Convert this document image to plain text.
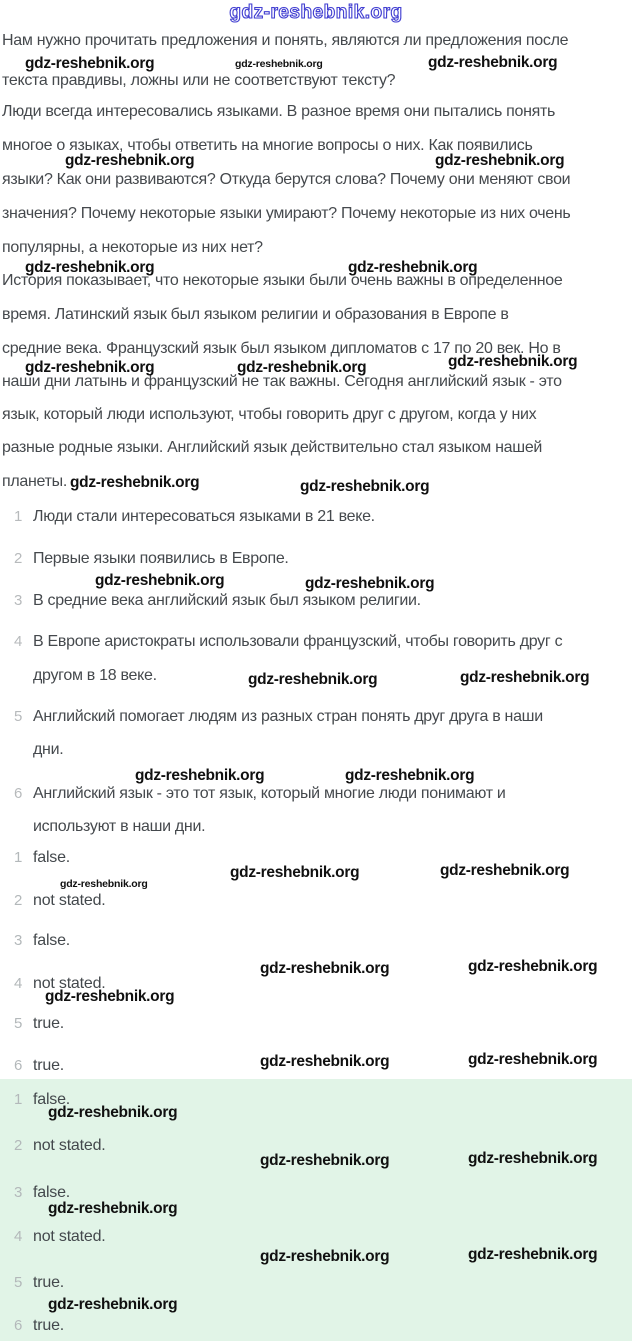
gdz-reshebnik.org
Нам нужно прочитать предложения и понять, являются ли предложения после
текста правдивы, ложны или не соответствуют тексту?
Люди всегда интересовались языками. В разное время они пытались понять
многое о языках, чтобы ответить на многие вопросы о них. Как появились
языки? Как они развиваются? Откуда берутся слова? Почему они меняют свои
значения? Почему некоторые языки умирают? Почему некоторые из них очень
популярны, а некоторые из них нет?
История показывает, что некоторые языки были очень важны в определенное
время. Латинский язык был языком религии и образования в Европе в
средние века. Французский язык был языком дипломатов с 17 по 20 век. Но в
наши дни латынь и французский не так важны. Сегодня английский язык - это
язык, который люди используют, чтобы говорить друг с другом, когда у них
разные родные языки. Английский язык действительно стал языком нашей
планеты.
1 Люди стали интересоваться языками в 21 веке.
2 Первые языки появились в Европе.
3 В средние века английский язык был языком религии.
4 В Европе аристократы использовали французский, чтобы говорить друг с
другом в 18 веке.
5 Английский помогает людям из разных стран понять друг друга в наши
дни.
6 Английский язык - это тот язык, который многие люди понимают и
используют в наши дни.
1 false.
2 not stated.
3 false.
4 not stated.
5 true.
6 true.
1 false.
2 not stated.
3 false.
4 not stated.
5 true.
6 true.
gdz-reshebnik.org	gdz-reshebnik.org	gdz-reshebnik.org
gdz-reshebnik.org	gdz-reshebnik.org
gdz-reshebnik.org	gdz-reshebnik.org
gdz-reshebnik.org	gdz-reshebnik.org	gdz-reshebnik.org
gdz-reshebnik.org	gdz-reshebnik.org
gdz-reshebnik.org	gdz-reshebnik.org
gdz-reshebnik.org	gdz-reshebnik.org
gdz-reshebnik.org	gdz-reshebnik.org
gdz-reshebnik.org	gdz-reshebnik.org
gdz-reshebnik.org
gdz-reshebnik.org	gdz-reshebnik.org
gdz-reshebnik.org
gdz-reshebnik.org	gdz-reshebnik.org
gdz-reshebnik.org
gdz-reshebnik.org	gdz-reshebnik.org
gdz-reshebnik.org
gdz-reshebnik.org	gdz-reshebnik.org
gdz-reshebnik.org
